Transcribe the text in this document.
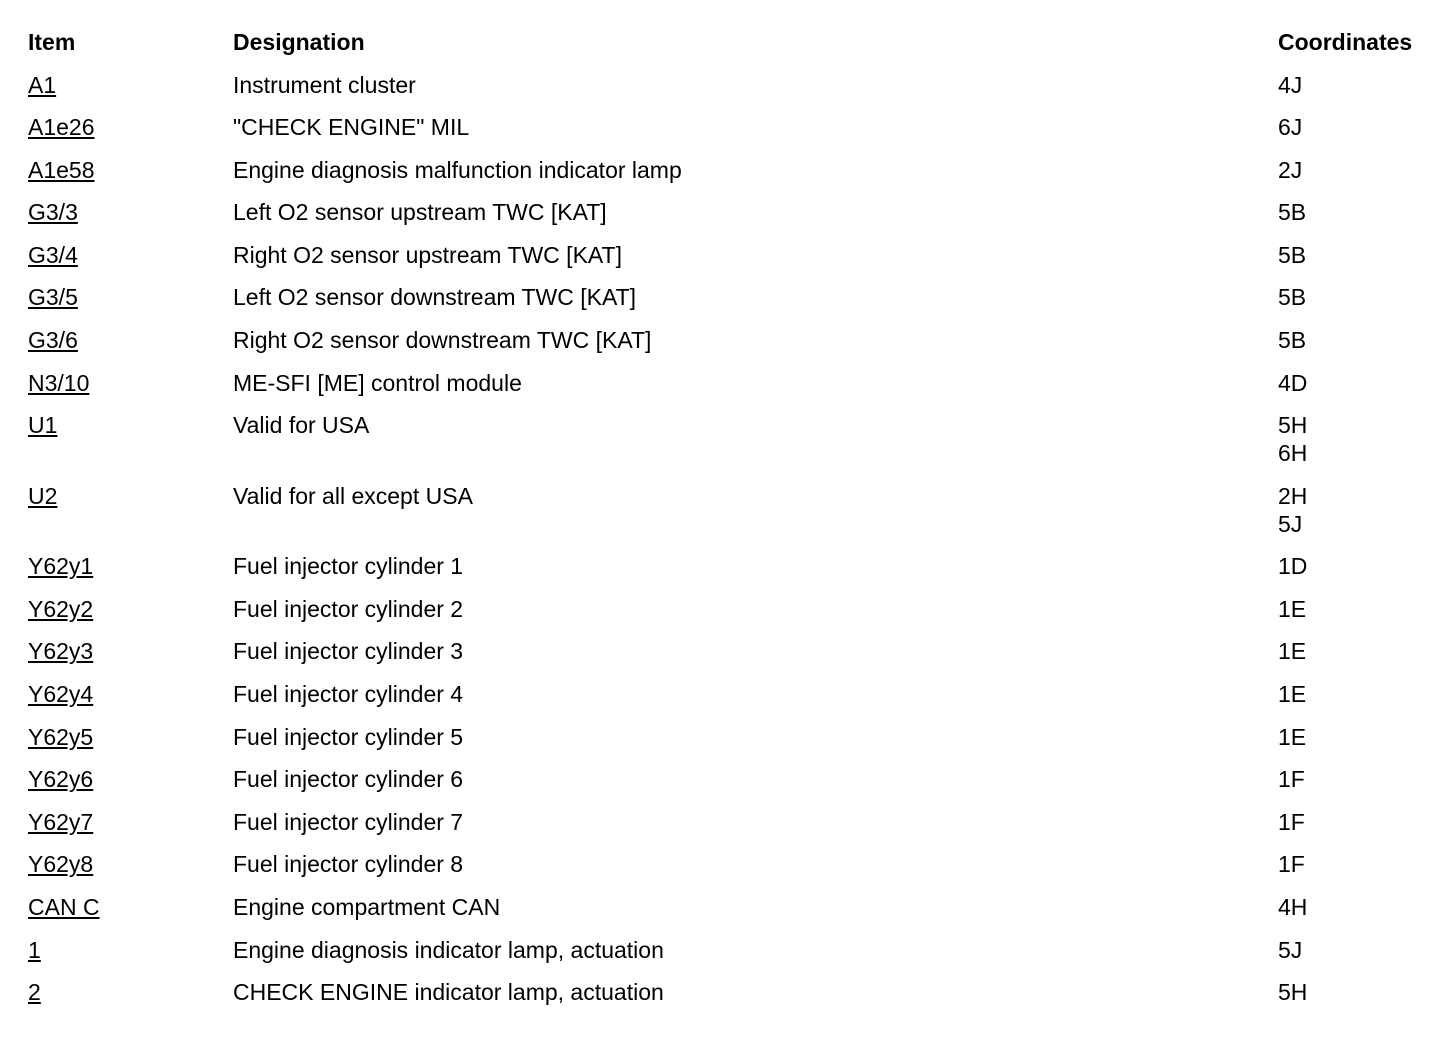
Item	Designation	Coordinates
A1	Instrument cluster	4J
A1e26	"CHECK ENGINE" MIL	6J
A1e58	Engine diagnosis malfunction indicator lamp	2J
G3/3	Left O2 sensor upstream TWC [KAT]	5B
G3/4	Right O2 sensor upstream TWC [KAT]	5B
G3/5	Left O2 sensor downstream TWC [KAT]	5B
G3/6	Right O2 sensor downstream TWC [KAT]	5B
N3/10	ME-SFI [ME] control module	4D
U1	Valid for USA	5H
6H
U2	Valid for all except USA	2H
5J
Y62y1	Fuel injector cylinder 1	1D
Y62y2	Fuel injector cylinder 2	1E
Y62y3	Fuel injector cylinder 3	1E
Y62y4	Fuel injector cylinder 4	1E
Y62y5	Fuel injector cylinder 5	1E
Y62y6	Fuel injector cylinder 6	1F
Y62y7	Fuel injector cylinder 7	1F
Y62y8	Fuel injector cylinder 8	1F
CAN C	Engine compartment CAN	4H
1	Engine diagnosis indicator lamp, actuation	5J
2	CHECK ENGINE indicator lamp, actuation	5H
